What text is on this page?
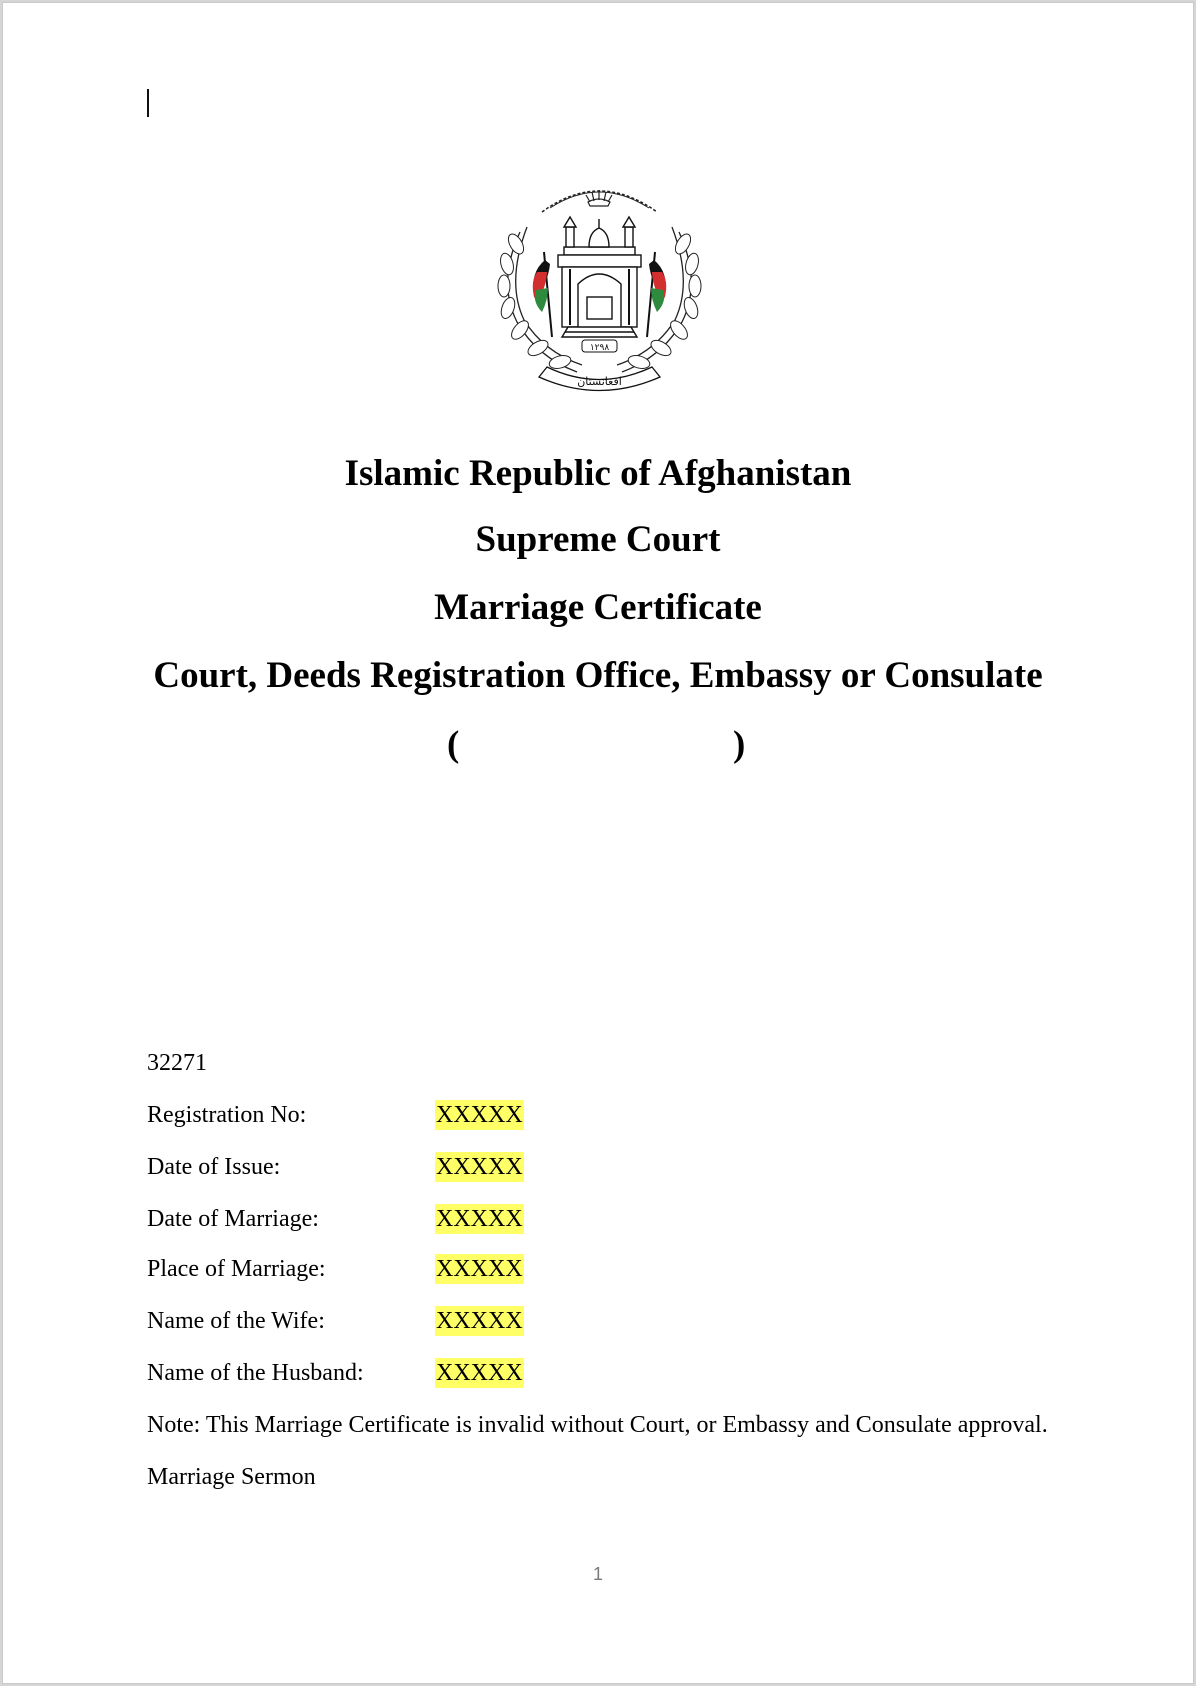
١٢٩٨
افغانستان
Islamic Republic of Afghanistan
Supreme Court
Marriage Certificate
Court, Deeds Registration Office, Embassy or Consulate
(	)

32271

Registration No:	XXXXX
Date of Issue:	XXXXX
Date of Marriage:	XXXXX
Place of Marriage:	XXXXX
Name of the Wife:	XXXXX
Name of the Husband:	XXXXX

Note: This Marriage Certificate is invalid without Court, or Embassy and Consulate approval.

Marriage Sermon

1
